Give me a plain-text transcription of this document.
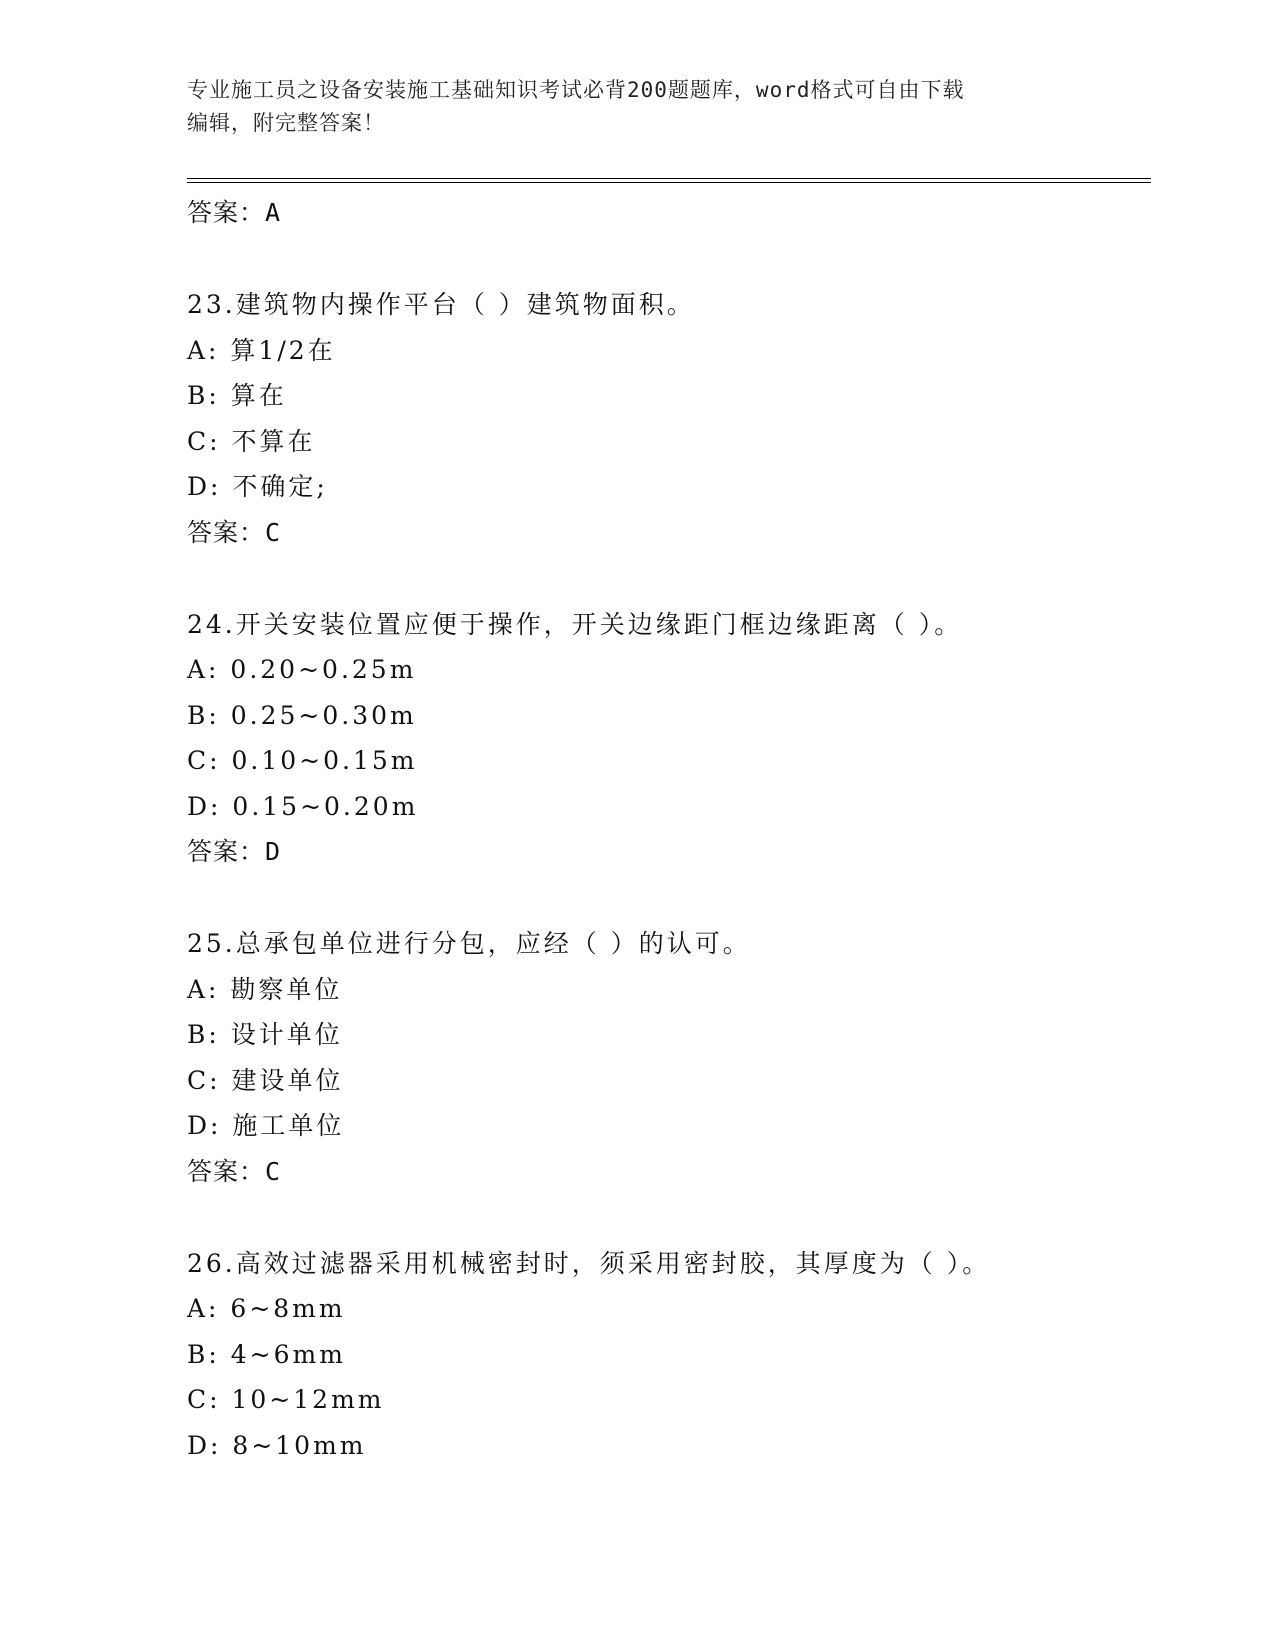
专业施工员之设备安装施工基础知识考试必背200题题库，word格式可自由下载
编辑，附完整答案！
答案：A
23.建筑物内操作平台（ ）建筑物面积。
A: 算1/2在
B: 算在
C: 不算在
D: 不确定;
答案：C
24.开关安装位置应便于操作，开关边缘距门框边缘距离（ ）。
A: 0.20~0.25m
B: 0.25~0.30m
C: 0.10~0.15m
D: 0.15~0.20m
答案：D
25.总承包单位进行分包，应经（ ）的认可。
A: 勘察单位
B: 设计单位
C: 建设单位
D: 施工单位
答案：C
26.高效过滤器采用机械密封时，须采用密封胶，其厚度为（ ）。
A: 6~8mm
B: 4~6mm
C: 10~12mm
D: 8~10mm
